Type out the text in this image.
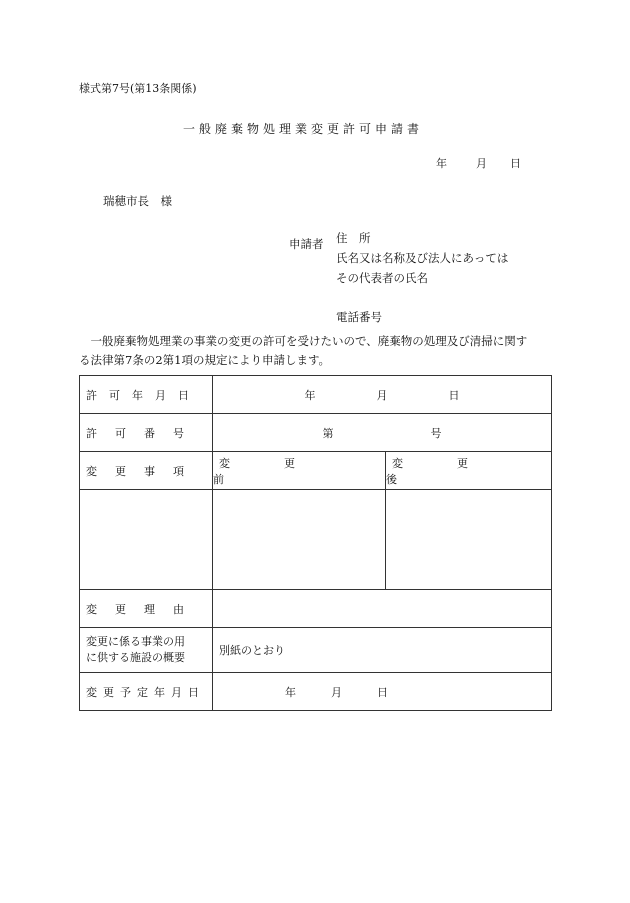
様式第7号(第13条関係)
一般廃棄物処理業変更許可申請書
年	月 日
瑞穂市長　様
申請者 住　所
氏名又は名称及び法人にあっては
その代表者の氏名
電話番号

　一般廃棄物処理業の事業の変更の許可を受けたいので、廃棄物の処理及び清掃に関す

る法律第7条の2第1項の規定により申請します。

許可年月日	年 月 日	

許可番号	第 号	

変更事項	変更前	変更後

変更理由		

変更に係る事業の用
に供する施設の概要	別紙のとおり	
変更予定年月日	年 月 日	
